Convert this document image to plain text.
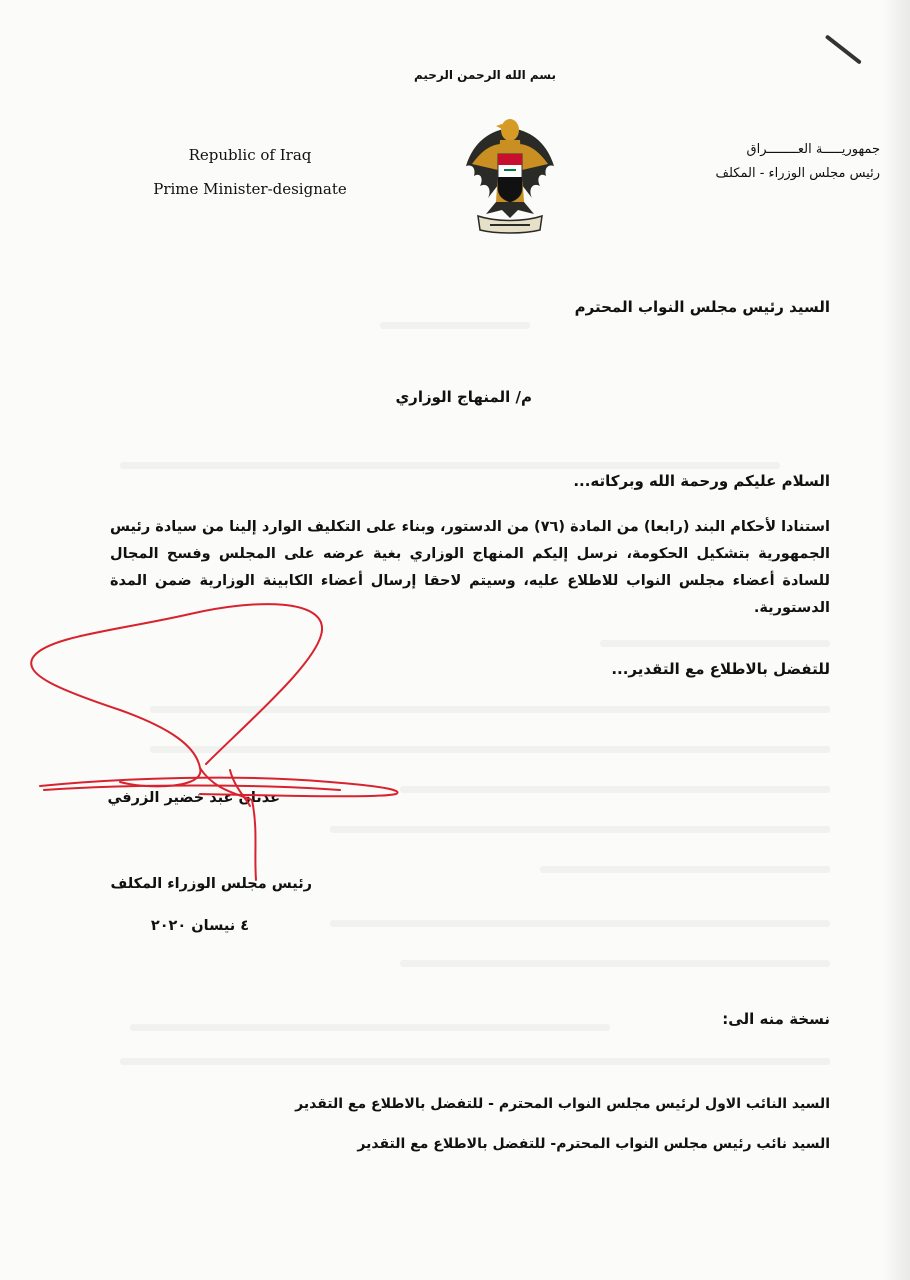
بسم الله الرحمن الرحيم
Republic of Iraq
Prime Minister-designate
جمهوريـــــة العــــــــراق
رئيس مجلس الوزراء - المكلف
السيد رئيس مجلس النواب المحترم
م/ المنهاج الوزاري
السلام عليكم ورحمة الله وبركاته...
استنادا لأحكام البند (رابعا) من المادة (٧٦) من الدستور، وبناء على التكليف الوارد إلينا من سيادة رئيس الجمهورية بتشكيل الحكومة، نرسل إليكم المنهاج الوزاري بغية عرضه على المجلس وفسح المجال للسادة أعضاء مجلس النواب للاطلاع عليه، وسيتم لاحقا إرسال أعضاء الكابينة الوزارية ضمن المدة الدستورية.
للتفضل بالاطلاع مع التقدير...
عدنان عبد خضير الزرفي
رئيس مجلس الوزراء المكلف
٤ نيسان ٢٠٢٠
نسخة منه الى:
السيد النائب الاول لرئيس مجلس النواب المحترم - للتفضل بالاطلاع مع التقدير
السيد نائب رئيس مجلس النواب المحترم- للتفضل بالاطلاع مع التقدير
